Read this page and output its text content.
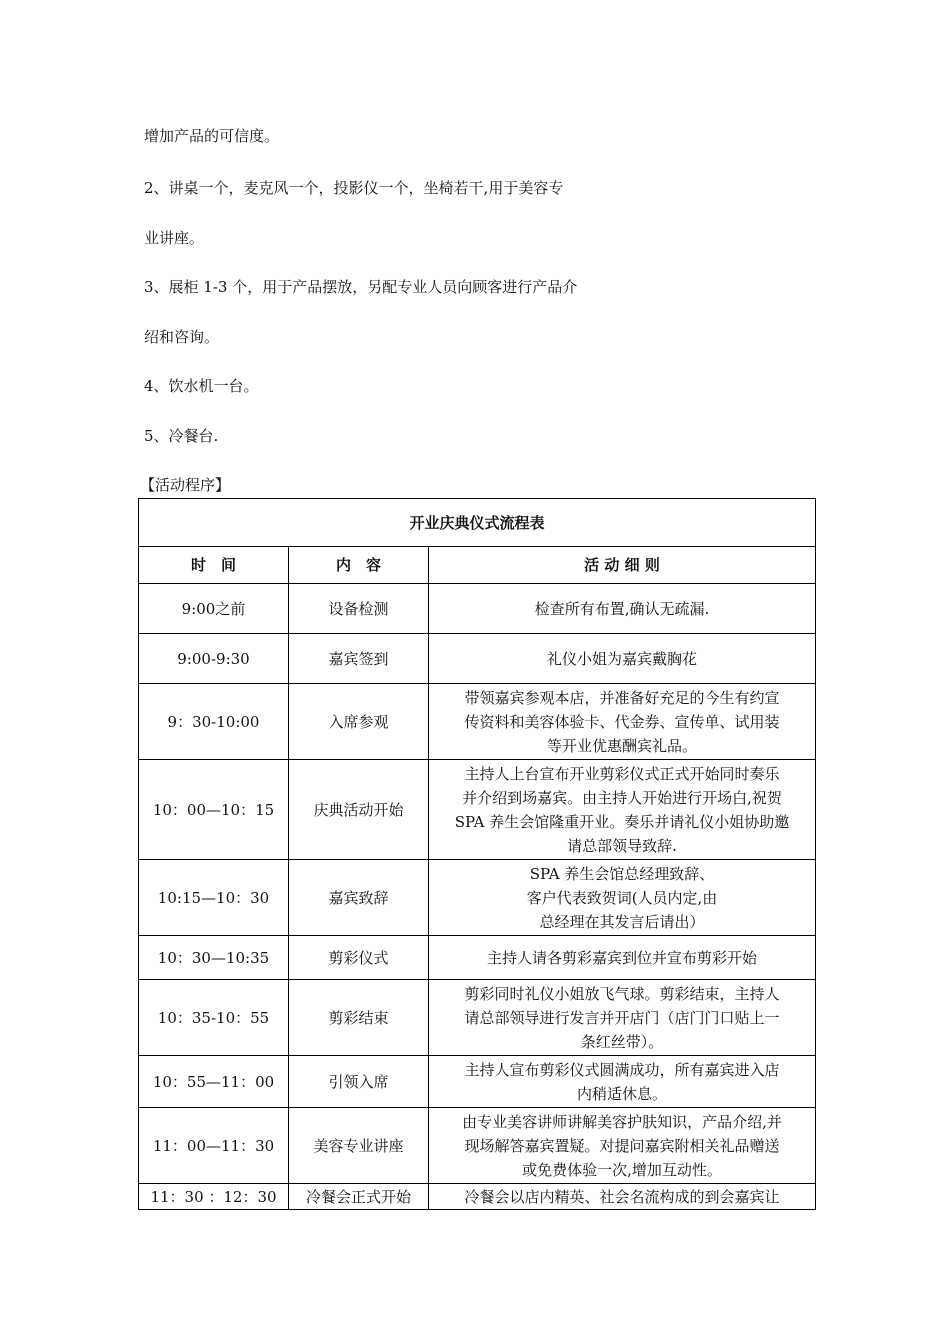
增加产品的可信度。
2、讲桌一个，麦克风一个，投影仪一个，坐椅若干,用于美容专
业讲座。
3、展柜 1-3 个，用于产品摆放，另配专业人员向顾客进行产品介
绍和咨询。
4、饮水机一台。
5、冷餐台.
【活动程序】
开业庆典仪式流程表		
时　间	内　容	活 动 细 则
9:00之前	设备检测	检查所有布置,确认无疏漏.
9:00-9:30	嘉宾签到	礼仪小姐为嘉宾戴胸花
9：30-10:00	入席参观	带领嘉宾参观本店，并准备好充足的今生有约宣
传资料和美容体验卡、代金券、宣传单、试用装
等开业优惠酬宾礼品。
10：00—10：15	庆典活动开始	主持人上台宣布开业剪彩仪式正式开始同时奏乐
并介绍到场嘉宾。由主持人开始进行开场白,祝贺
SPA 养生会馆隆重开业。奏乐并请礼仪小姐协助邀
请总部领导致辞.
10:15—10：30	嘉宾致辞	SPA 养生会馆总经理致辞、
客户代表致贺词(人员内定,由
总经理在其发言后请出）
10：30—10:35	剪彩仪式	主持人请各剪彩嘉宾到位并宣布剪彩开始
10：35-10：55	剪彩结束	剪彩同时礼仪小姐放飞气球。剪彩结束，主持人
请总部领导进行发言并开店门（店门门口贴上一
条红丝带）。
10：55—11：00	引领入席	主持人宣布剪彩仪式圆满成功，所有嘉宾进入店
内稍适休息。
11：00—11：30	美容专业讲座	由专业美容讲师讲解美容护肤知识，产品介绍,并
现场解答嘉宾置疑。对提问嘉宾附相关礼品赠送
或免费体验一次,增加互动性。
11：30 ：12：30	冷餐会正式开始	冷餐会以店内精英、社会名流构成的到会嘉宾让
